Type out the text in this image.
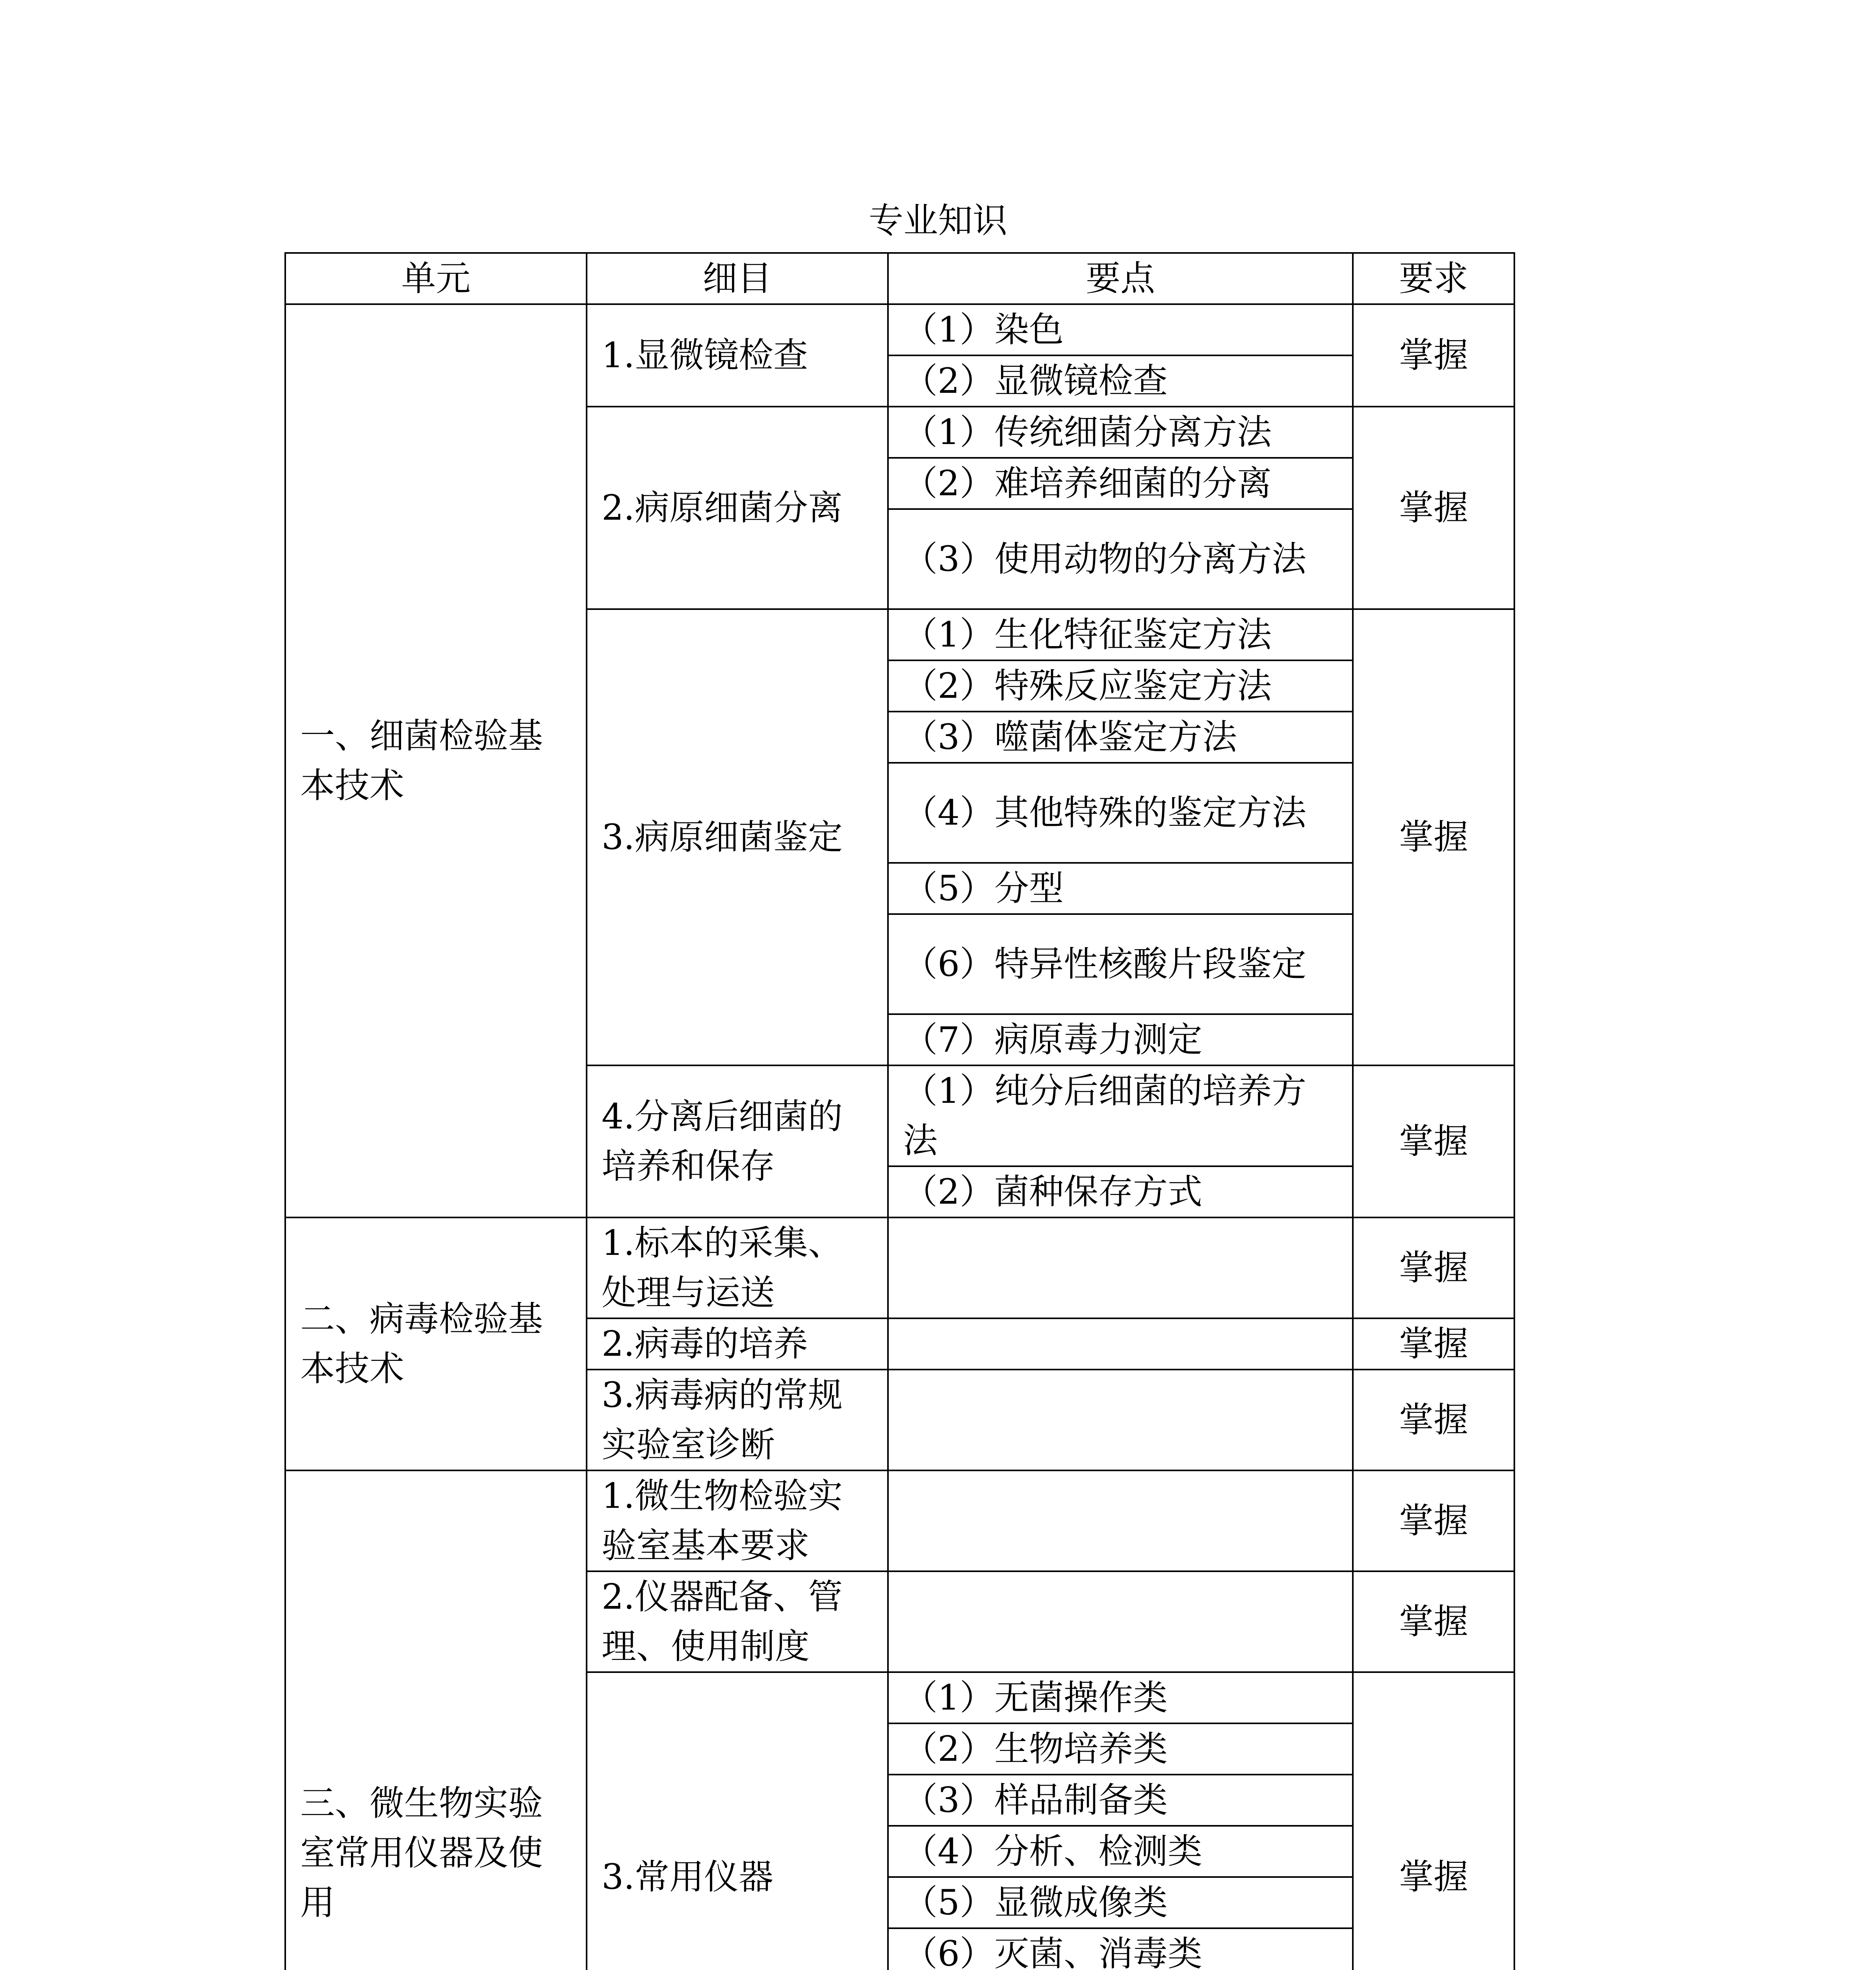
专业知识
单元	细目	要点	要求
一、细菌检验基本技术	1.显微镜检查	（1）染色	掌握
		（2）显微镜检查	
	2.病原细菌分离	（1）传统细菌分离方法	掌握
		（2）难培养细菌的分离	
		（3）使用动物的分离方法	
	3.病原细菌鉴定	（1）生化特征鉴定方法	掌握
		（2）特殊反应鉴定方法	
		（3）噬菌体鉴定方法	
		（4）其他特殊的鉴定方法	
		（5）分型	
		（6）特异性核酸片段鉴定	
		（7）病原毒力测定	
	4.分离后细菌的培养和保存	（1）纯分后细菌的培养方法	掌握
		（2）菌种保存方式	
二、病毒检验基本技术	1.标本的采集、处理与运送		掌握
	2.病毒的培养		掌握
	3.病毒病的常规实验室诊断		掌握
三、微生物实验室常用仪器及使用	1.微生物检验实验室基本要求		掌握
	2.仪器配备、管理、使用制度		掌握
	3.常用仪器	（1）无菌操作类	掌握
		（2）生物培养类	
		（3）样品制备类	
		（4）分析、检测类	
		（5）显微成像类	
		（6）灭菌、消毒类	
